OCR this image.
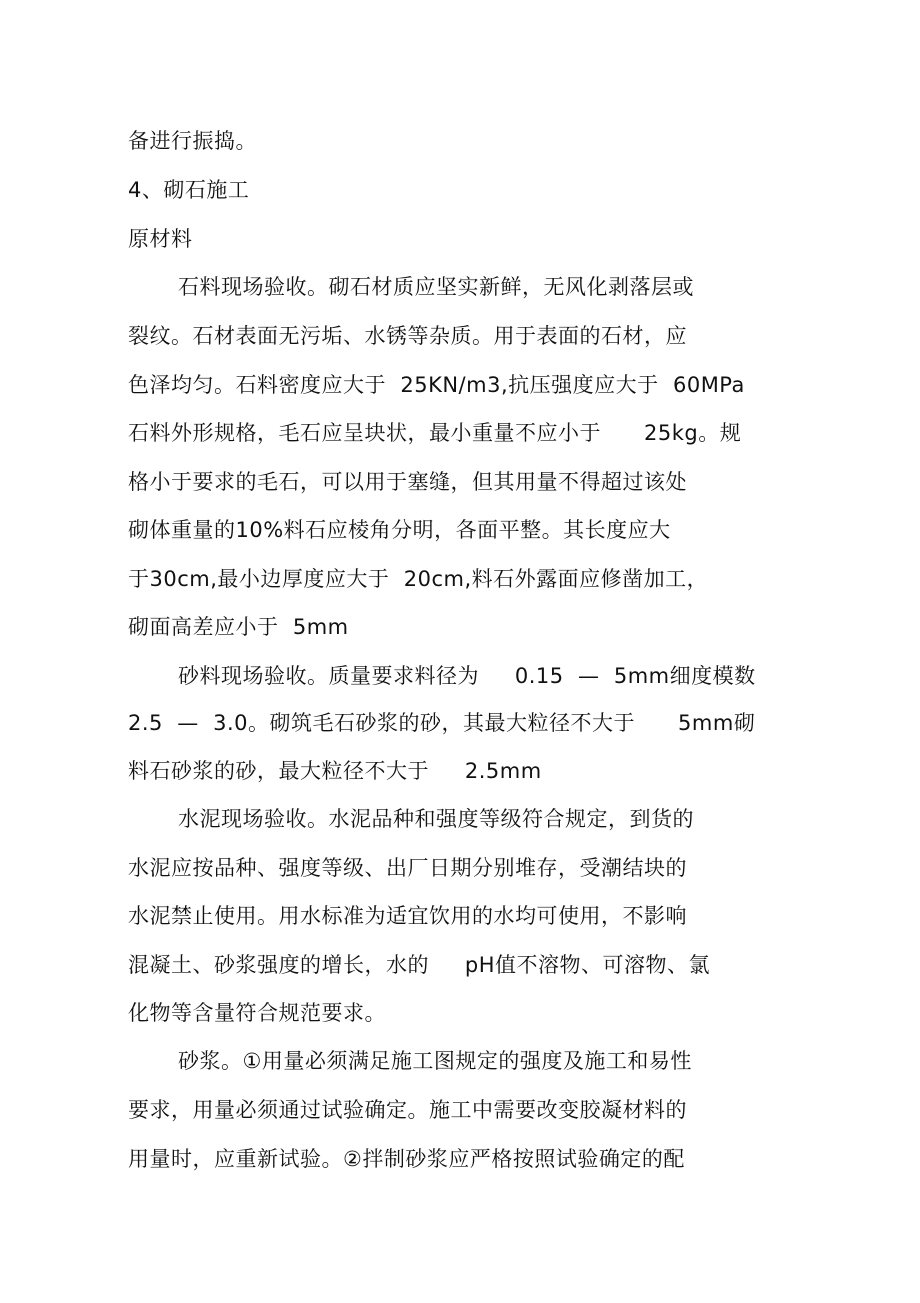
备进行振捣。
4、砌石施工
原材料
石料现场验收。砌石材质应坚实新鲜，无风化剥落层或
裂纹。石材表面无污垢、水锈等杂质。用于表面的石材，应
色泽均匀。石料密度应大于  25KN/m3,抗压强度应大于  60MPa
石料外形规格，毛石应呈块状，最小重量不应小于      25kg。规
格小于要求的毛石，可以用于塞缝，但其用量不得超过该处
砌体重量的10%料石应棱角分明，各面平整。其长度应大
于30cm,最小边厚度应大于  20cm,料石外露面应修凿加工，
砌面高差应小于  5mm
砂料现场验收。质量要求料径为     0.15  —  5mm细度模数
2.5  —  3.0。砌筑毛石砂浆的砂，其最大粒径不大于      5mm砌
料石砂浆的砂，最大粒径不大于     2.5mm
水泥现场验收。水泥品种和强度等级符合规定，到货的
水泥应按品种、强度等级、出厂日期分别堆存，受潮结块的
水泥禁止使用。用水标准为适宜饮用的水均可使用，不影响
混凝土、砂浆强度的增长，水的     pH值不溶物、可溶物、氯
化物等含量符合规范要求。
砂浆。①用量必须满足施工图规定的强度及施工和易性
要求，用量必须通过试验确定。施工中需要改变胶凝材料的
用量时，应重新试验。②拌制砂浆应严格按照试验确定的配
